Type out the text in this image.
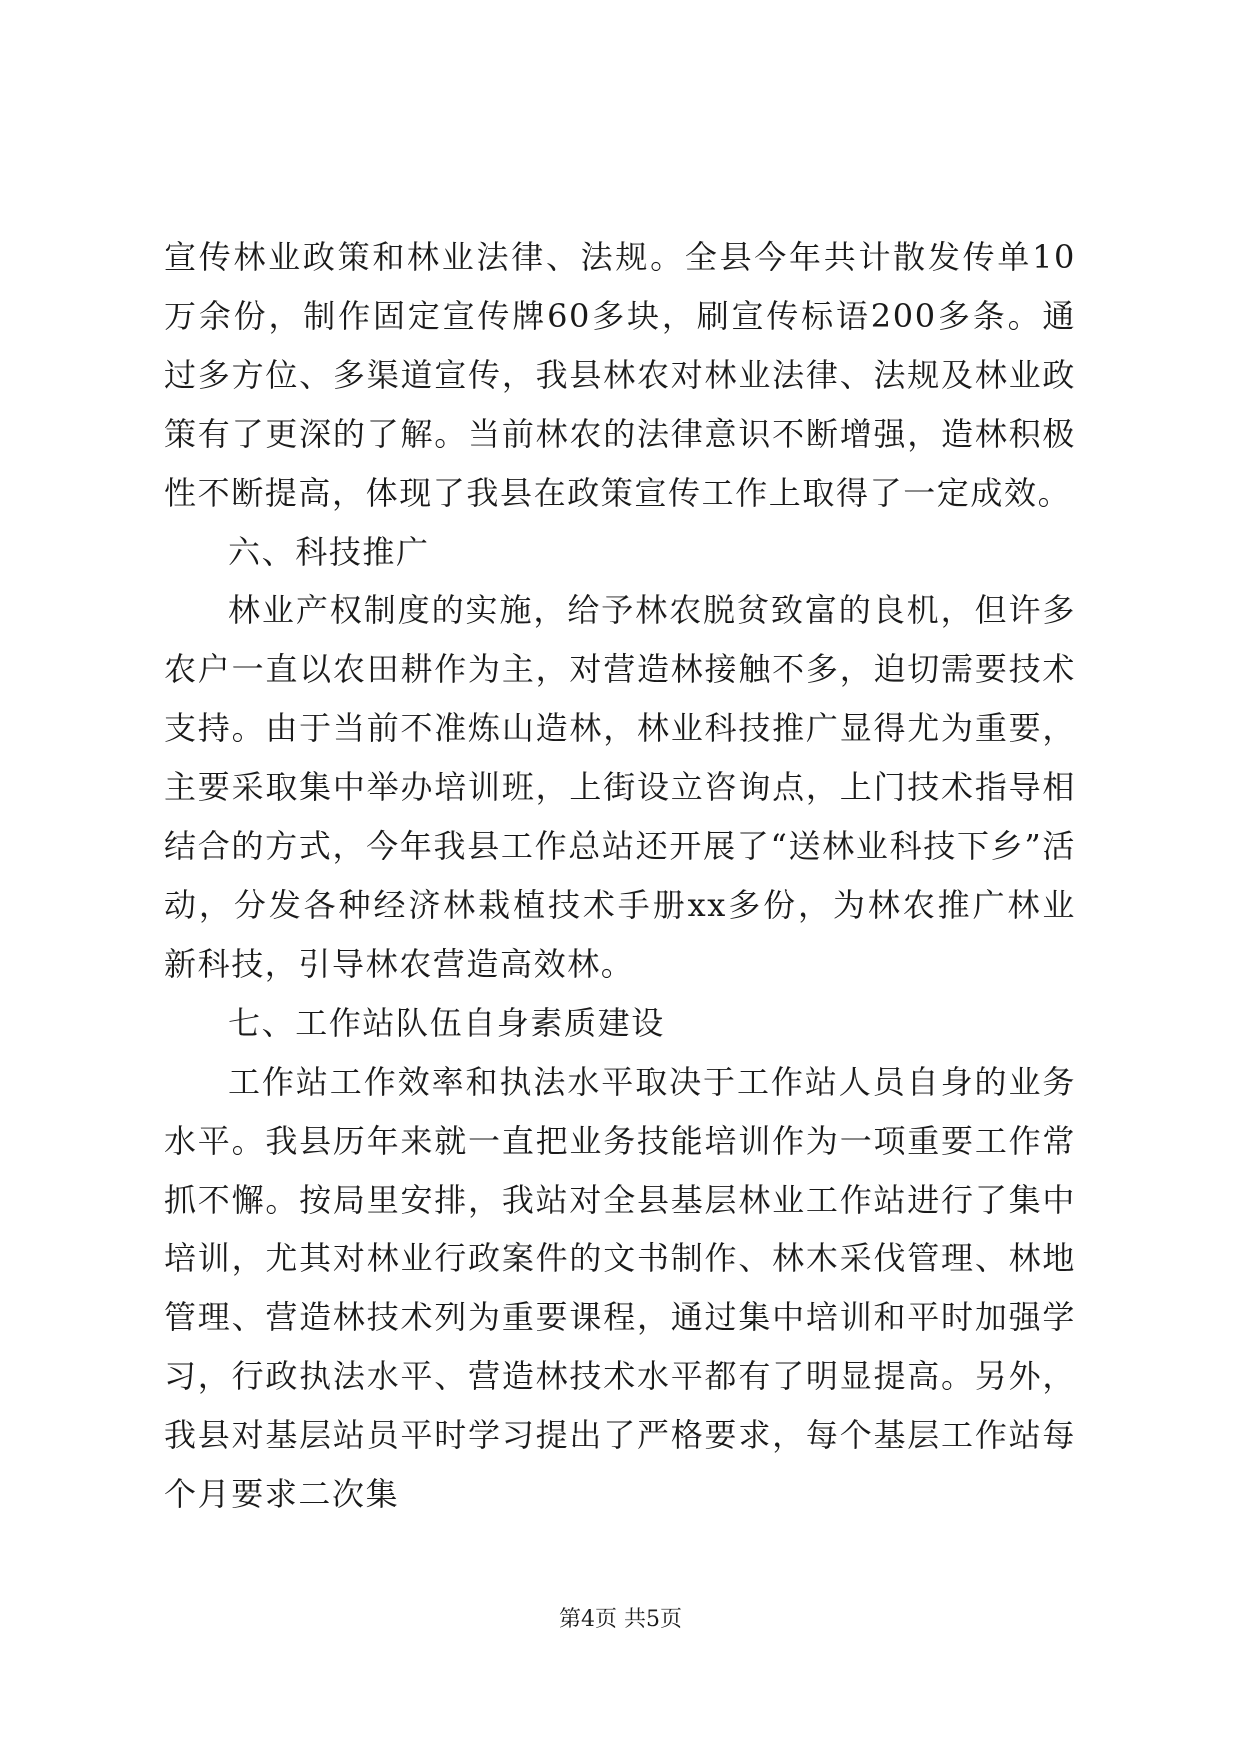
宣传林业政策和林业法律、法规。全县今年共计散发传单10万余份，制作固定宣传牌60多块，刷宣传标语200多条。通过多方位、多渠道宣传，我县林农对林业法律、法规及林业政策有了更深的了解。当前林农的法律意识不断增强，造林积极性不断提高，体现了我县在政策宣传工作上取得了一定成效。

六、科技推广

林业产权制度的实施，给予林农脱贫致富的良机，但许多农户一直以农田耕作为主，对营造林接触不多，迫切需要技术支持。由于当前不准炼山造林，林业科技推广显得尤为重要，主要采取集中举办培训班，上街设立咨询点，上门技术指导相结合的方式，今年我县工作总站还开展了“送林业科技下乡”活动，分发各种经济林栽植技术手册xx多份，为林农推广林业新科技，引导林农营造高效林。

七、工作站队伍自身素质建设

工作站工作效率和执法水平取决于工作站人员自身的业务水平。我县历年来就一直把业务技能培训作为一项重要工作常抓不懈。按局里安排，我站对全县基层林业工作站进行了集中培训，尤其对林业行政案件的文书制作、林木采伐管理、林地管理、营造林技术列为重要课程，通过集中培训和平时加强学习，行政执法水平、营造林技术水平都有了明显提高。另外，我县对基层站员平时学习提出了严格要求，每个基层工作站每个月要求二次集

第4页 共5页
